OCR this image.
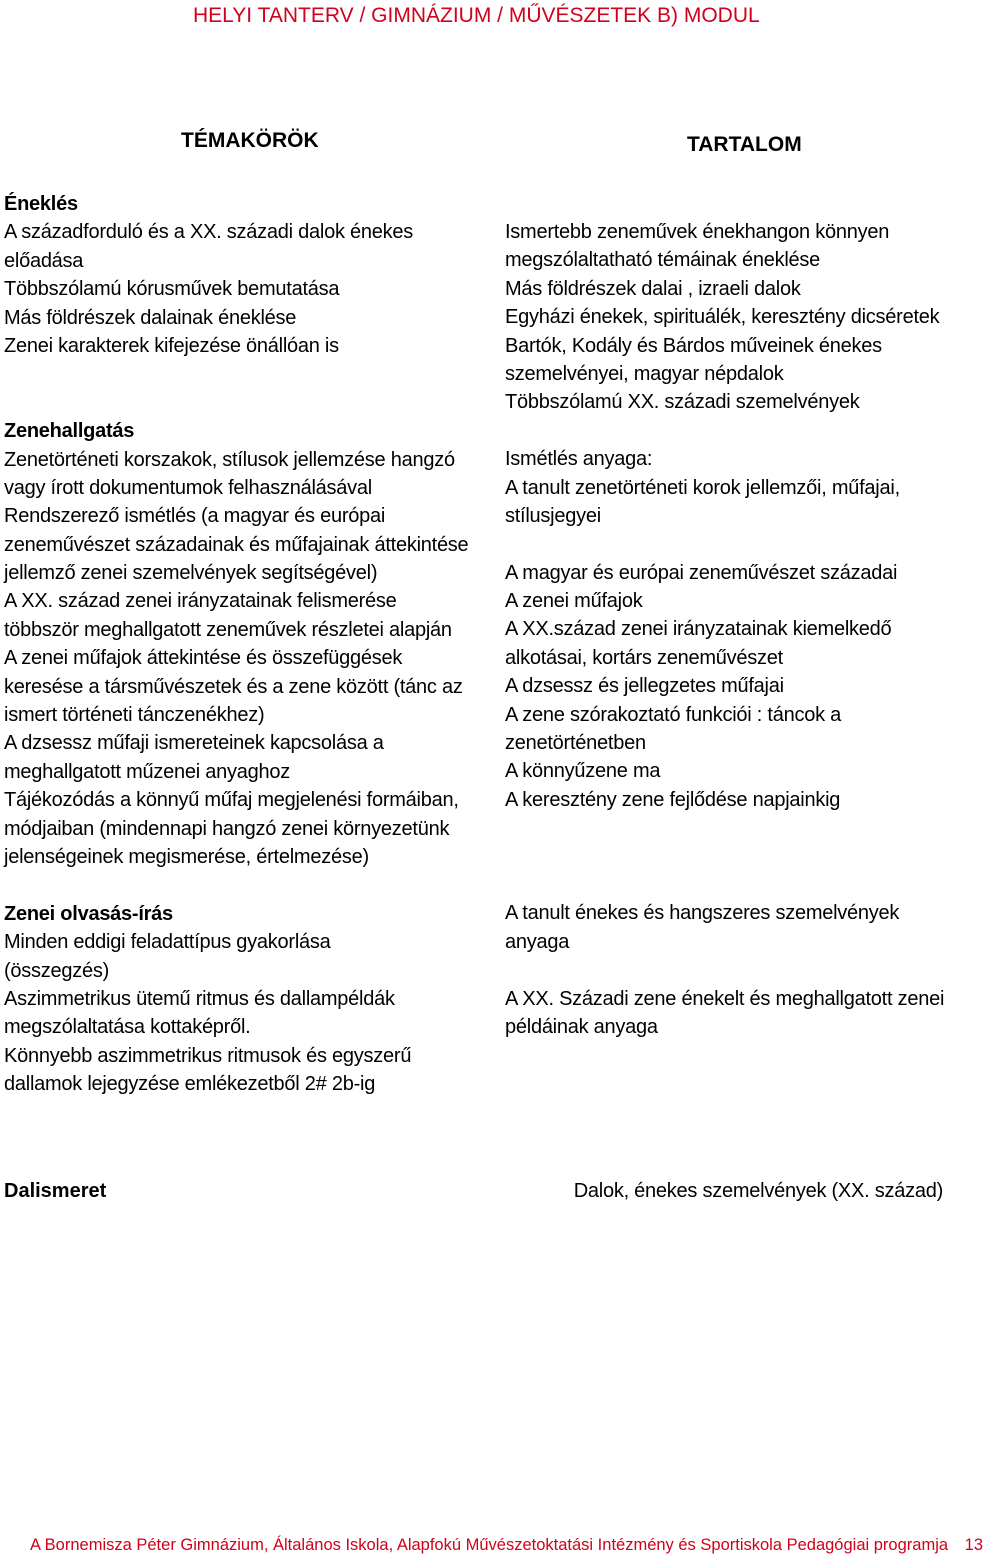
HELYI TANTERV / GIMNÁZIUM / MŰVÉSZETEK B) MODUL
TÉMAKÖRÖK	TARTALOM
Éneklés
A századforduló és a XX. századi dalok énekes
előadása
Többszólamú kórusművek bemutatása
Más földrészek dalainak éneklése
Zenei karakterek kifejezése önállóan is
Zenehallgatás
Zenetörténeti korszakok, stílusok jellemzése hangzó
vagy írott dokumentumok felhasználásával
Rendszerező ismétlés (a magyar és európai
zeneművészet századainak és műfajainak áttekintése
jellemző zenei szemelvények segítségével)
A XX. század zenei irányzatainak felismerése
többször meghallgatott zeneművek részletei alapján
A zenei műfajok áttekintése és összefüggések
keresése a társművészetek és a zene között (tánc az
ismert történeti tánczenékhez)
A dzsessz műfaji ismereteinek kapcsolása a
meghallgatott műzenei anyaghoz
Tájékozódás a könnyű műfaj megjelenési formáiban,
módjaiban (mindennapi hangzó zenei környezetünk
jelenségeinek megismerése, értelmezése)
Zenei olvasás-írás
Minden eddigi feladattípus gyakorlása
(összegzés)
Aszimmetrikus ütemű ritmus és dallampéldák
megszólaltatása kottaképről.
Könnyebb aszimmetrikus ritmusok és egyszerű
dallamok lejegyzése emlékezetből 2# 2b-ig
Ismertebb zeneművek énekhangon könnyen
megszólaltatható témáinak éneklése
Más földrészek dalai , izraeli dalok
Egyházi énekek, spirituálék, keresztény dicséretek
Bartók, Kodály és Bárdos műveinek énekes
szemelvényei, magyar népdalok
Többszólamú XX. századi szemelvények
Ismétlés anyaga:
A tanult zenetörténeti korok jellemzői, műfajai,
stílusjegyei
A magyar és európai zeneművészet századai
A zenei műfajok
A XX.század zenei irányzatainak kiemelkedő
alkotásai, kortárs zeneművészet
A dzsessz és jellegzetes műfajai
A zene szórakoztató funkciói : táncok a
zenetörténetben
A könnyűzene ma
A keresztény zene fejlődése napjainkig
A tanult énekes és hangszeres szemelvények
anyaga
A XX. Századi zene énekelt és meghallgatott zenei
példáinak anyaga
Dalismeret	Dalok, énekes szemelvények (XX. század)
A Bornemisza Péter Gimnázium, Általános Iskola, Alapfokú Művészetoktatási Intézmény és Sportiskola Pedagógiai programja 13
